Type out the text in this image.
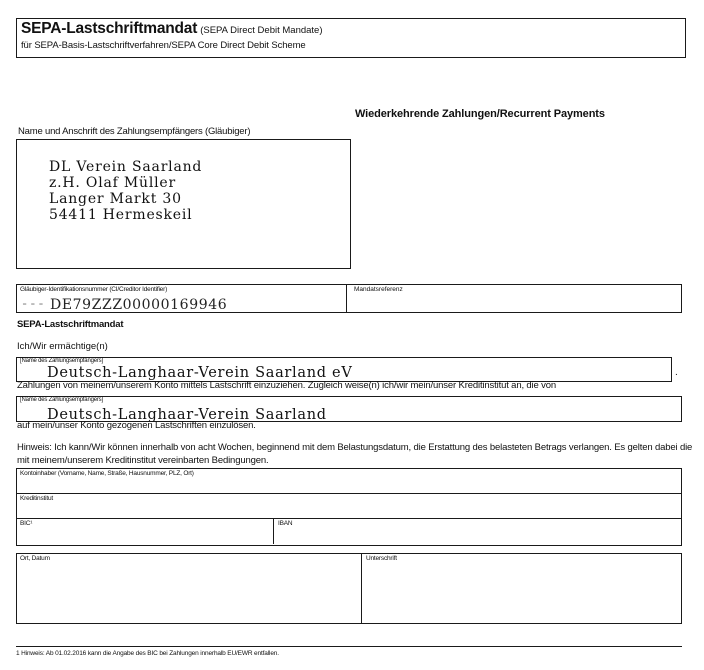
SEPA-Lastschriftmandat (SEPA Direct Debit Mandate)
für SEPA-Basis-Lastschriftverfahren/SEPA Core Direct Debit Scheme
Wiederkehrende Zahlungen/Recurrent Payments
Name und Anschrift des Zahlungsempfängers (Gläubiger)
DL Verein Saarland
z.H. Olaf Müller
Langer Markt 30
54411 Hermeskeil
Gläubiger-Identifikationsnummer (CI/Creditor Identifier)
--- DE79ZZZ00000169946
Mandatsreferenz
SEPA-Lastschriftmandat
Ich/Wir ermächtige(n)
[Name des Zahlungsempfängers]
Deutsch-Langhaar-Verein Saarland eV	.
Zahlungen von meinem/unserem Konto mittels Lastschrift einzuziehen. Zugleich weise(n) ich/wir mein/unser Kreditinstitut an, die von
[Name des Zahlungsempfängers]
Deutsch-Langhaar-Verein Saarland
auf mein/unser Konto gezogenen Lastschriften einzulösen.
Hinweis: Ich kann/Wir können innerhalb von acht Wochen, beginnend mit dem Belastungsdatum, die Erstattung des belasteten Betrags verlangen. Es gelten dabei die mit meinem/unserem Kreditinstitut vereinbarten Bedingungen.
Kontoinhaber (Vorname, Name, Straße, Hausnummer, PLZ, Ort)
Kreditinstitut
BIC¹	IBAN
Ort, Datum	Unterschrift
1 Hinweis: Ab 01.02.2016 kann die Angabe des BIC bei Zahlungen innerhalb EU/EWR entfallen.
